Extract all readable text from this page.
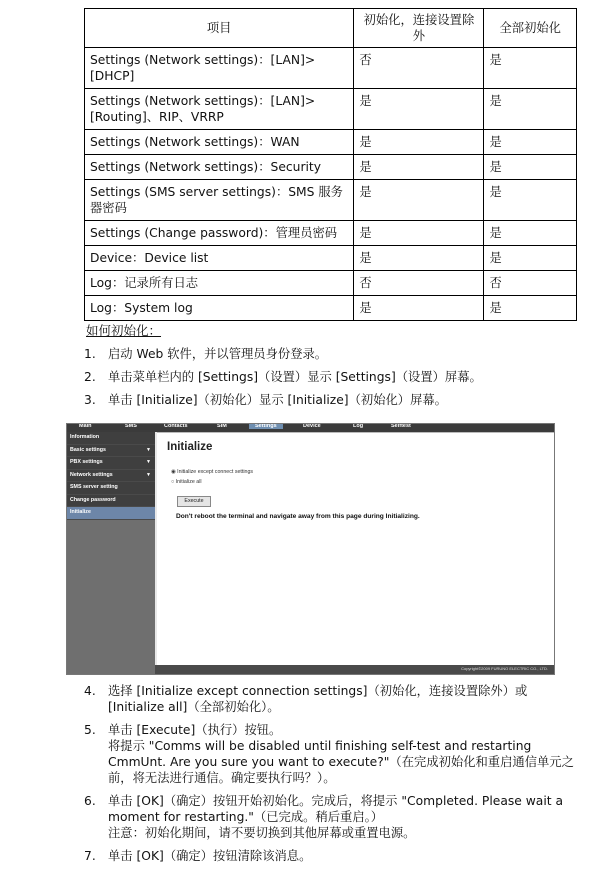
项目	初始化，连接设置除外	全部初始化
Settings (Network settings)：[LAN]>[DHCP]	否	是
Settings (Network settings)：[LAN]>[Routing]、RIP、VRRP	是	是
Settings (Network settings)：WAN	是	是
Settings (Network settings)：Security	是	是
Settings (SMS server settings)：SMS 服务器密码	是	是
Settings (Change password)：管理员密码	是	是
Device：Device list	是	是
Log：记录所有日志	否	否
Log：System log	是	是
如何初始化：
1. 启动 Web 软件，并以管理员身份登录。
2. 单击菜单栏内的 [Settings]（设置）显示 [Settings]（设置）屏幕。
3. 单击 [Initialize]（初始化）显示 [Initialize]（初始化）屏幕。
Main	SMS	Contacts	SIM	Settings	Device	Log	Selftest
Information
Basic settings	▼
PBX settings	▼
Network settings	▼
SMS server setting
Change password
Initialize
Initialize
◉ Initialize except connect settings
○ Initialize all
Execute
Don't reboot the terminal and navigate away from this page during Initializing.
Copyright©2009 FURUNO ELECTRIC CO., LTD.
4. 选择 [Initialize except connection settings]（初始化，连接设置除外）或 [Initialize all]（全部初始化）。
5. 单击 [Execute]（执行）按钮。
将提示 "Comms will be disabled until finishing self-test and restarting CmmUnt. Are you sure you want to execute?"（在完成初始化和重启通信单元之前，将无法进行通信。确定要执行吗？）。
6. 单击 [OK]（确定）按钮开始初始化。完成后，将提示 "Completed. Please wait a moment for restarting."（已完成。稍后重启。）
注意：初始化期间，请不要切换到其他屏幕或重置电源。
7. 单击 [OK]（确定）按钮清除该消息。
